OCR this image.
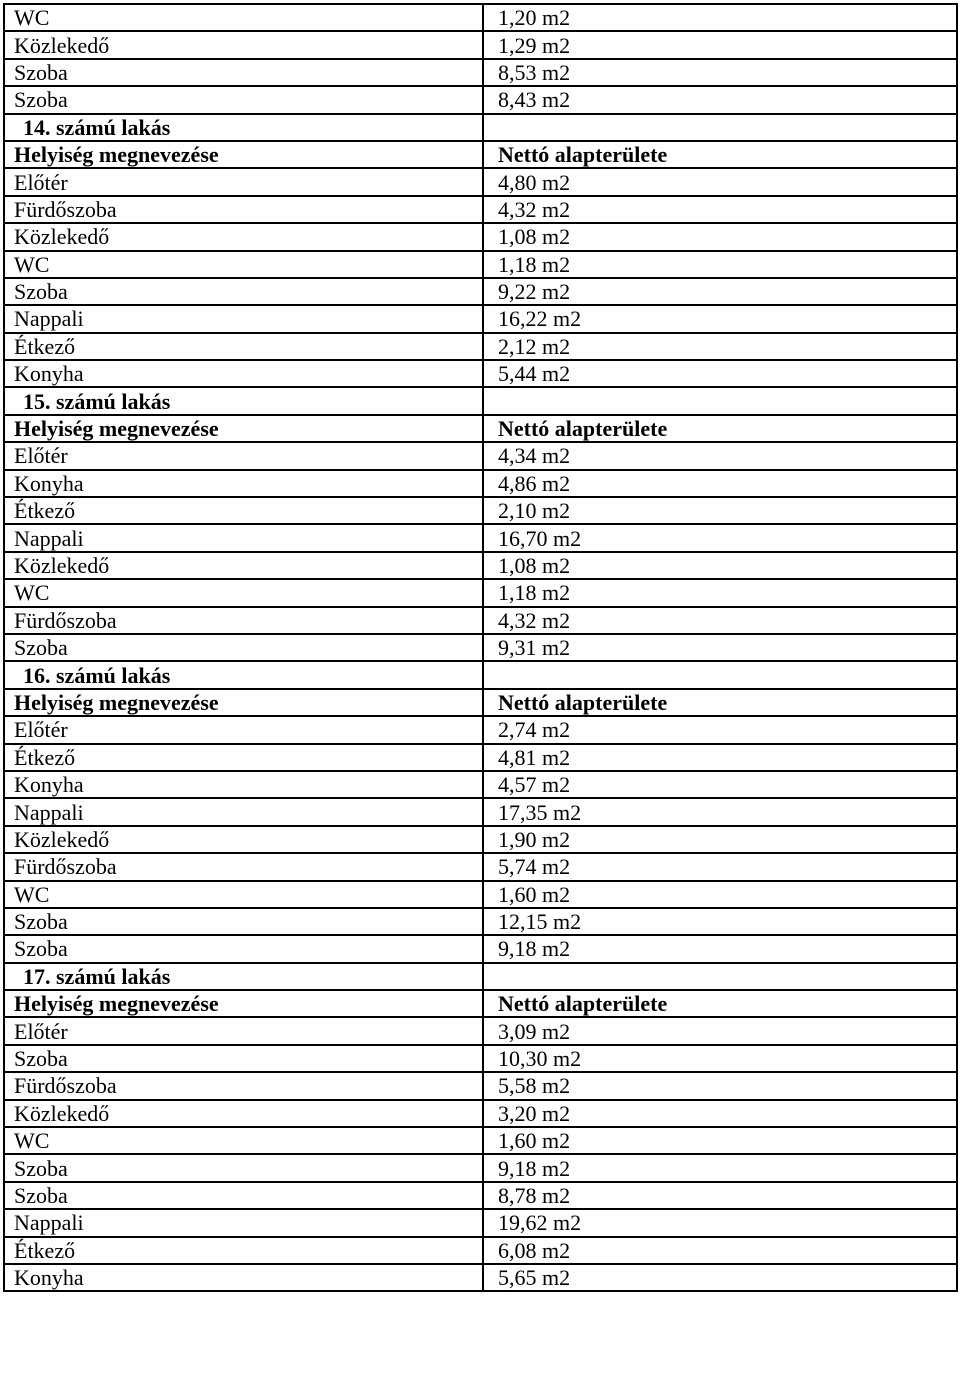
WC	1,20 m2
Közlekedő	1,29 m2
Szoba	8,53 m2
Szoba	8,43 m2
14. számú lakás	
Helyiség megnevezése	Nettó alapterülete
Előtér	4,80 m2
Fürdőszoba	4,32 m2
Közlekedő	1,08 m2
WC	1,18 m2
Szoba	9,22 m2
Nappali	16,22 m2
Étkező	2,12 m2
Konyha	5,44 m2
15. számú lakás	
Helyiség megnevezése	Nettó alapterülete
Előtér	4,34 m2
Konyha	4,86 m2
Étkező	2,10 m2
Nappali	16,70 m2
Közlekedő	1,08 m2
WC	1,18 m2
Fürdőszoba	4,32 m2
Szoba	9,31 m2
16. számú lakás	
Helyiség megnevezése	Nettó alapterülete
Előtér	2,74 m2
Étkező	4,81 m2
Konyha	4,57 m2
Nappali	17,35 m2
Közlekedő	1,90 m2
Fürdőszoba	5,74 m2
WC	1,60 m2
Szoba	12,15 m2
Szoba	9,18 m2
17. számú lakás	
Helyiség megnevezése	Nettó alapterülete
Előtér	3,09 m2
Szoba	10,30 m2
Fürdőszoba	5,58 m2
Közlekedő	3,20 m2
WC	1,60 m2
Szoba	9,18 m2
Szoba	8,78 m2
Nappali	19,62 m2
Étkező	6,08 m2
Konyha	5,65 m2
